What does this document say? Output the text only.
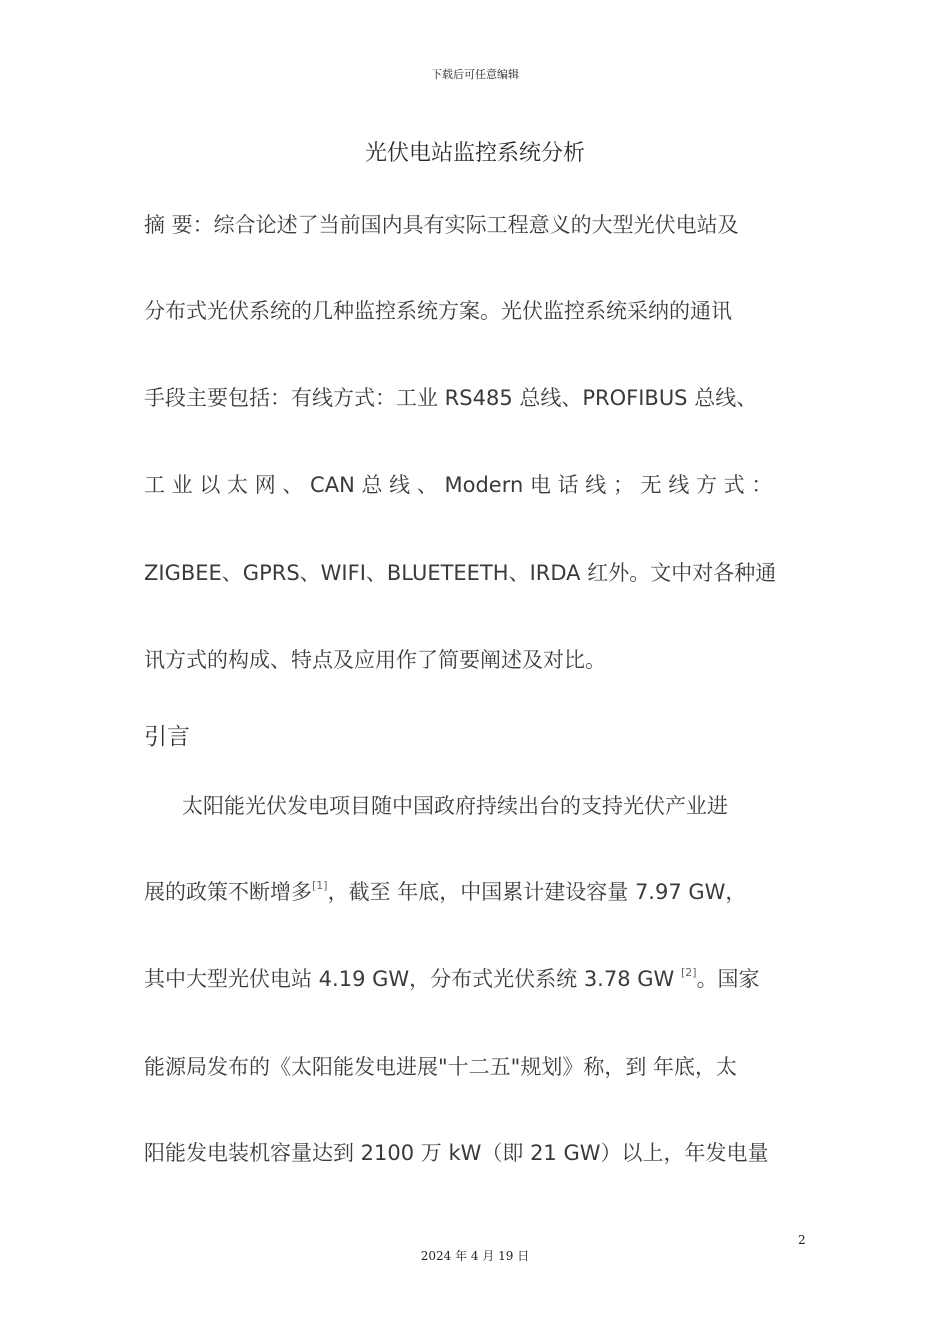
下载后可任意编辑
光伏电站监控系统分析
摘 要：综合论述了当前国内具有实际工程意义的大型光伏电站及
分布式光伏系统的几种监控系统方案。光伏监控系统采纳的通讯
手段主要包括：有线方式：工业 RS485 总线、PROFIBUS 总线、
工 业 以 太 网 、 CAN 总 线 、 Modern 电 话 线 ； 无 线 方 式 ：
ZIGBEE、GPRS、WIFI、BLUETEETH、IRDA 红外。文中对各种通
讯方式的构成、特点及应用作了简要阐述及对比。
引言
太阳能光伏发电项目随中国政府持续出台的支持光伏产业进
展的政策不断增多[1]，截至 年底，中国累计建设容量 7.97 GW，
其中大型光伏电站 4.19 GW，分布式光伏系统 3.78 GW [2]。国家
能源局发布的《太阳能发电进展"十二五"规划》称，到 年底，太
阳能发电装机容量达到 2100 万 kW（即 21 GW）以上，年发电量
2
2024 年 4 月 19 日
